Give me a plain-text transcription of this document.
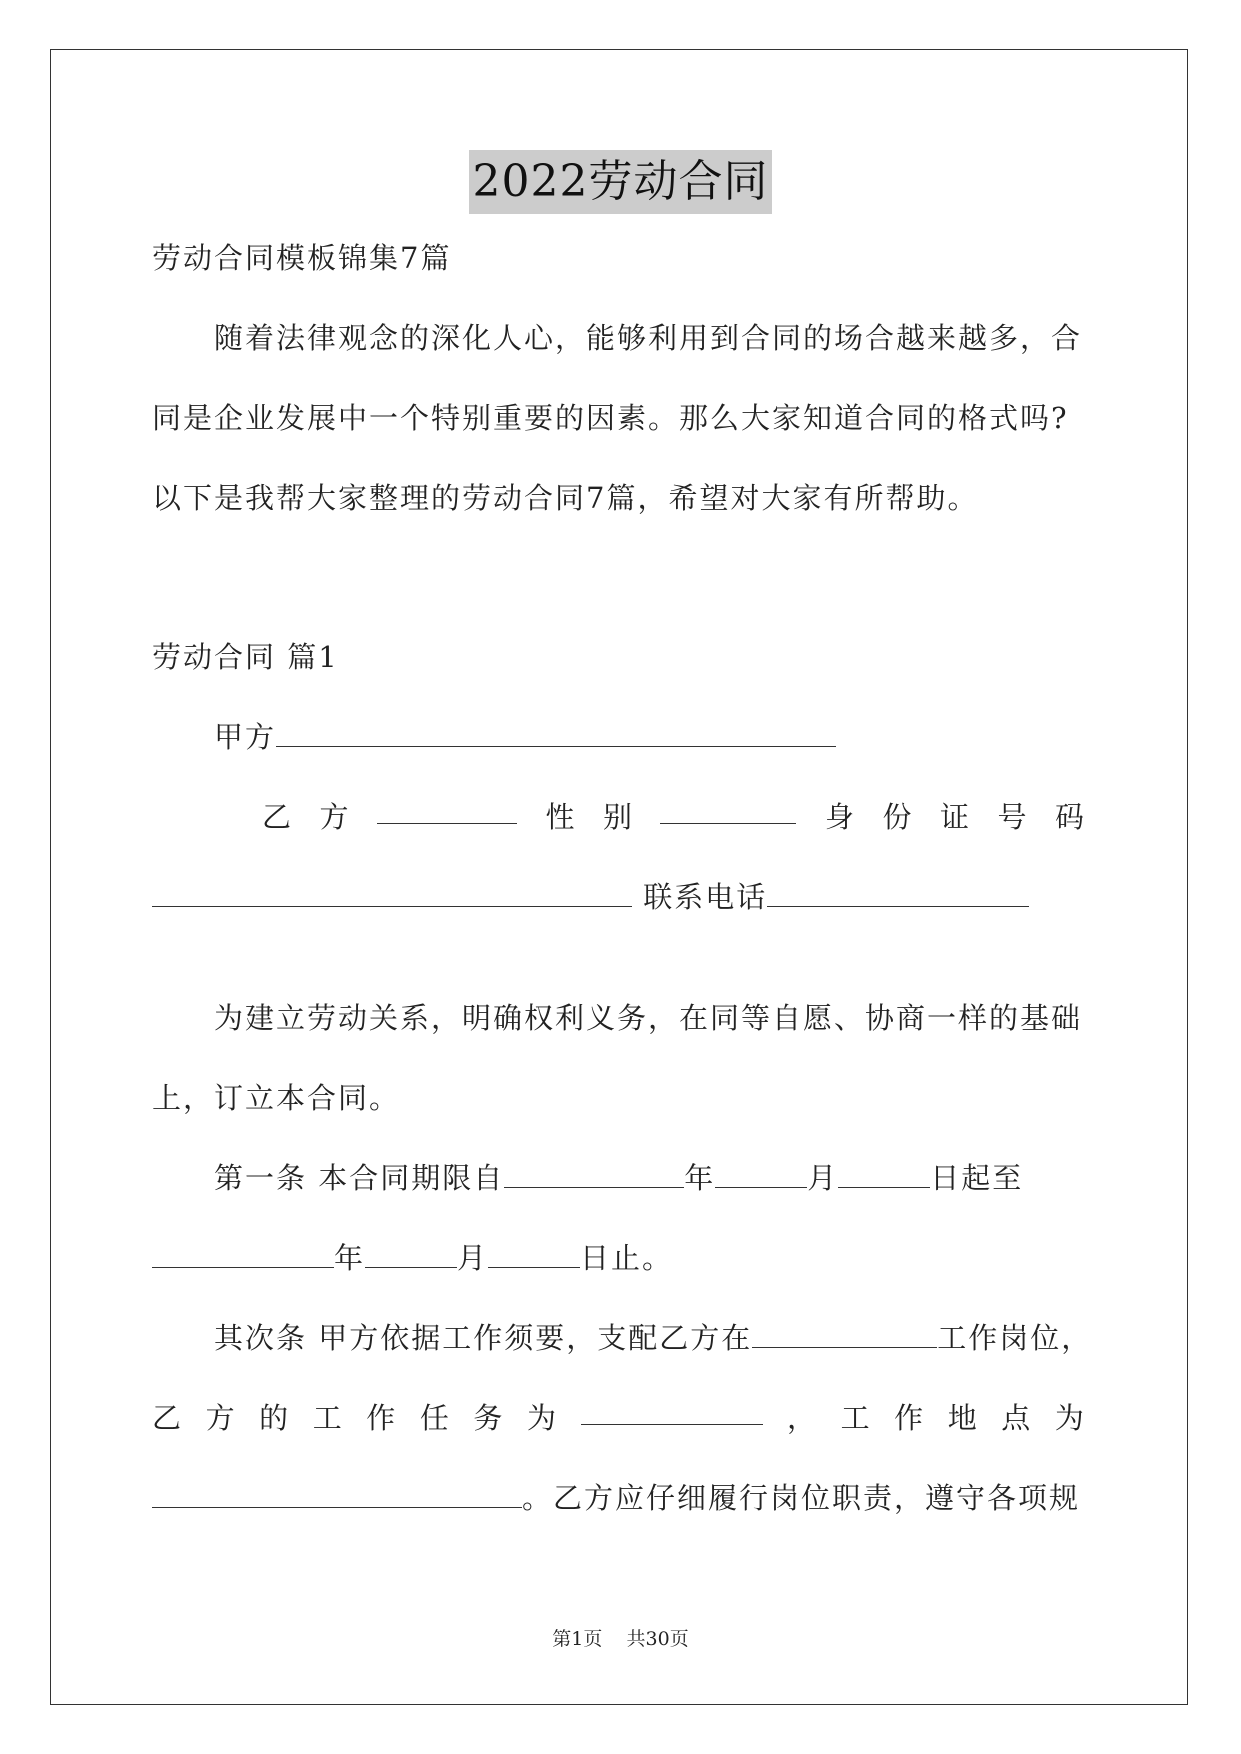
2022劳动合同
劳动合同模板锦集7篇
随着法律观念的深化人心，能够利用到合同的场合越来越多，合
同是企业发展中一个特别重要的因素。那么大家知道合同的格式吗?
以下是我帮大家整理的劳动合同7篇，希望对大家有所帮助。
劳动合同 篇1
甲方
乙 方	性 别	身 份 证 号 码
联系电话
为建立劳动关系，明确权利义务，在同等自愿、协商一样的基础
上，订立本合同。
第一条 本合同期限自	年	月	日起至
年	月	日止。
其次条 甲方依据工作须要，支配乙方在	工作岗位，
乙 方 的 工 作 任 务 为	， 工 作 地 点 为
。乙方应仔细履行岗位职责，遵守各项规
第1页 共30页
